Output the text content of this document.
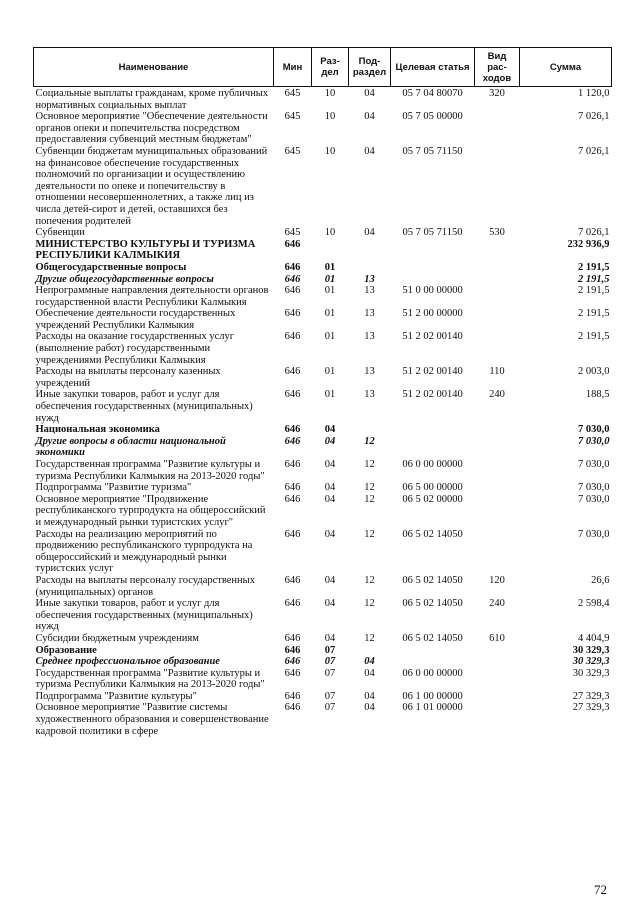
Наименование	Мин	Раз-дел	Под-раздел	Целевая статья	Вид рас-ходов	Сумма
Социальные выплаты гражданам, кроме публичных нормативных социальных выплат	645	10	04	05 7 04 80070	320	1 120,0
Основное мероприятие "Обеспечение деятельности органов опеки и попечительства посредством предоставления субвенций местным бюджетам"	645	10	04	05 7 05 00000		7 026,1
Субвенции бюджетам муниципальных образований на финансовое обеспечение государственных полномочий по организации и осуществлению деятельности по опеке и попечительству в отношении несовершеннолетних, а также лиц из числа детей-сирот и детей, оставшихся без попечения родителей	645	10	04	05 7 05 71150		7 026,1
Субвенции	645	10	04	05 7 05 71150	530	7 026,1
МИНИСТЕРСТВО КУЛЬТУРЫ И ТУРИЗМА РЕСПУБЛИКИ КАЛМЫКИЯ	646					232 936,9
Общегосударственные вопросы	646	01				2 191,5
Другие общегосударственные вопросы	646	01	13			2 191,5
Непрограммные направления деятельности органов государственной власти Республики Калмыкия	646	01	13	51 0 00 00000		2 191,5
Обеспечение деятельности государственных учреждений Республики Калмыкия	646	01	13	51 2 00 00000		2 191,5
Расходы на оказание государственных услуг (выполнение работ) государственными учреждениями Республики Калмыкия	646	01	13	51 2 02 00140		2 191,5
Расходы на выплаты персоналу казенных учреждений	646	01	13	51 2 02 00140	110	2 003,0
Иные закупки товаров, работ и услуг для обеспечения государственных (муниципальных) нужд	646	01	13	51 2 02 00140	240	188,5
Национальная экономика	646	04				7 030,0
Другие вопросы в области национальной экономики	646	04	12			7 030,0
Государственная программа "Развитие культуры и туризма Республики Калмыкия на 2013-2020 годы"	646	04	12	06 0 00 00000		7 030,0
Подпрограмма "Развитие туризма"	646	04	12	06 5 00 00000		7 030,0
Основное мероприятие "Продвижение республиканского турпродукта на общероссийский и международный рынки туристских услуг"	646	04	12	06 5 02 00000		7 030,0
Расходы на реализацию мероприятий по продвижению республиканского турпродукта на общероссийский и международный рынки туристских услуг	646	04	12	06 5 02 14050		7 030,0
Расходы на выплаты персоналу государственных (муниципальных) органов	646	04	12	06 5 02 14050	120	26,6
Иные закупки товаров, работ и услуг для обеспечения государственных (муниципальных) нужд	646	04	12	06 5 02 14050	240	2 598,4
Субсидии бюджетным учреждениям	646	04	12	06 5 02 14050	610	4 404,9
Образование	646	07				30 329,3
Среднее профессиональное образование	646	07	04			30 329,3
Государственная программа "Развитие культуры и туризма Республики Калмыкия на 2013-2020 годы"	646	07	04	06 0 00 00000		30 329,3
Подпрограмма "Развитие культуры"	646	07	04	06 1 00 00000		27 329,3
Основное мероприятие "Развитие системы художественного образования и совершенствование кадровой политики в сфере	646	07	04	06 1 01 00000		27 329,3
72
